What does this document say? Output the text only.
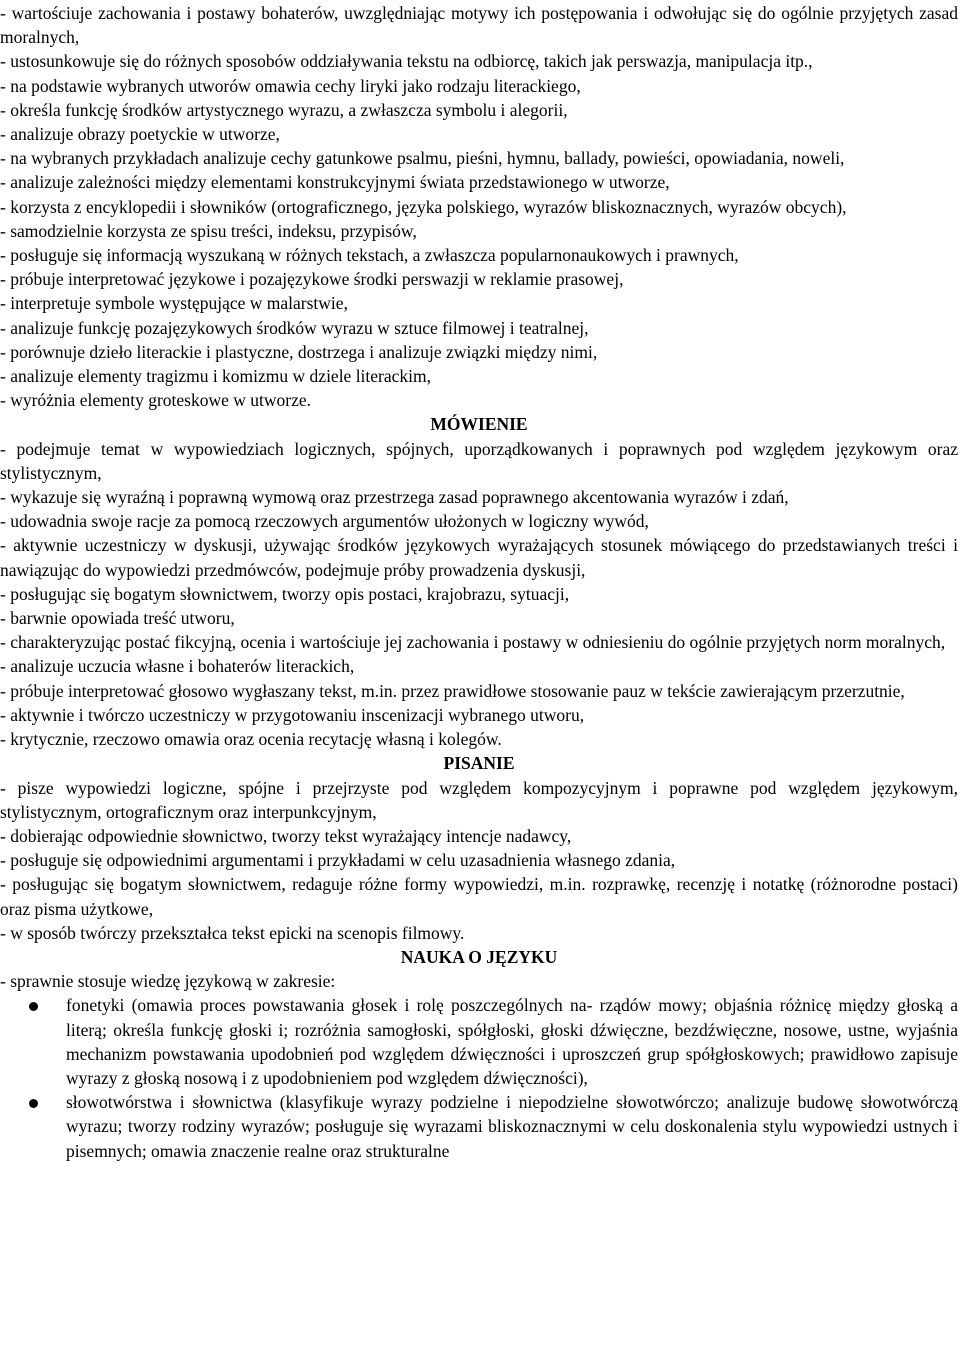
- wartościuje zachowania i postawy bohaterów, uwzględniając motywy ich postępowania i odwołując się do ogólnie przyjętych zasad moralnych,

- ustosunkowuje się do różnych sposobów oddziaływania tekstu na odbiorcę, takich jak perswazja, manipulacja itp.,

- na podstawie wybranych utworów omawia cechy liryki jako rodzaju literackiego,

- określa funkcję środków artystycznego wyrazu, a zwłaszcza symbolu i alegorii,

- analizuje obrazy poetyckie w utworze,

- na wybranych przykładach analizuje cechy gatunkowe psalmu, pieśni, hymnu, ballady, powieści, opowiadania, noweli,

- analizuje zależności między elementami konstrukcyjnymi świata przedstawionego w utworze,

- korzysta z encyklopedii i słowników (ortograficznego, języka polskiego, wyrazów bliskoznacznych, wyrazów obcych),

- samodzielnie korzysta ze spisu treści, indeksu, przypisów,

- posługuje się informacją wyszukaną w różnych tekstach, a zwłaszcza popularnonaukowych i prawnych,

- próbuje interpretować językowe i pozajęzykowe środki perswazji w reklamie prasowej,

- interpretuje symbole występujące w malarstwie,

- analizuje funkcję pozajęzykowych środków wyrazu w sztuce filmowej i teatralnej,

- porównuje dzieło literackie i plastyczne, dostrzega i analizuje związki między nimi,

- analizuje elementy tragizmu i komizmu w dziele literackim,

- wyróżnia elementy groteskowe w utworze.

MÓWIENIE

- podejmuje temat w wypowiedziach logicznych, spójnych, uporządkowanych i poprawnych pod względem językowym oraz stylistycznym,

- wykazuje się wyraźną i poprawną wymową oraz przestrzega zasad poprawnego akcentowania wyrazów i zdań,

- udowadnia swoje racje za pomocą rzeczowych argumentów ułożonych w logiczny wywód,

- aktywnie uczestniczy w dyskusji, używając środków językowych wyrażających stosunek mówiącego do przedstawianych treści i nawiązując do wypowiedzi przedmówców, podejmuje próby prowadzenia dyskusji,

- posługując się bogatym słownictwem, tworzy opis postaci, krajobrazu, sytuacji,

- barwnie opowiada treść utworu,

- charakteryzując postać fikcyjną, ocenia i wartościuje jej zachowania i postawy w odniesieniu do ogólnie przyjętych norm moralnych,

- analizuje uczucia własne i bohaterów literackich,

- próbuje interpretować głosowo wygłaszany tekst, m.in. przez prawidłowe stosowanie pauz w tekście zawierającym przerzutnie,

- aktywnie i twórczo uczestniczy w przygotowaniu inscenizacji wybranego utworu,

- krytycznie, rzeczowo omawia oraz ocenia recytację własną i kolegów.

PISANIE

- pisze wypowiedzi logiczne, spójne i przejrzyste pod względem kompozycyjnym i poprawne pod względem językowym, stylistycznym, ortograficznym oraz interpunkcyjnym,

- dobierając odpowiednie słownictwo, tworzy tekst wyrażający intencje nadawcy,

- posługuje się odpowiednimi argumentami i przykładami w celu uzasadnienia własnego zdania,

- posługując się bogatym słownictwem, redaguje różne formy wypowiedzi, m.in. rozprawkę, recenzję i notatkę (różnorodne postaci) oraz pisma użytkowe,

- w sposób twórczy przekształca tekst epicki na scenopis filmowy.

NAUKA O JĘZYKU

- sprawnie stosuje wiedzę językową w zakresie:

fonetyki (omawia proces powstawania głosek i rolę poszczególnych na- rządów mowy; objaśnia różnicę między głoską a literą; określa funkcję głoski i; rozróżnia samogłoski, spółgłoski, głoski dźwięczne, bezdźwięczne, nosowe, ustne, wyjaśnia mechanizm powstawania upodobnień pod względem dźwięczności i uproszczeń grup spółgłoskowych; prawidłowo zapisuje wyrazy z głoską nosową i z upodobnieniem pod względem dźwięczności),
słowotwórstwa i słownictwa (klasyfikuje wyrazy podzielne i niepodzielne słowotwórczo; analizuje budowę słowotwórczą wyrazu; tworzy rodziny wyrazów; posługuje się wyrazami bliskoznacznymi w celu doskonalenia stylu wypowiedzi ustnych i pisemnych; omawia znaczenie realne oraz strukturalne
